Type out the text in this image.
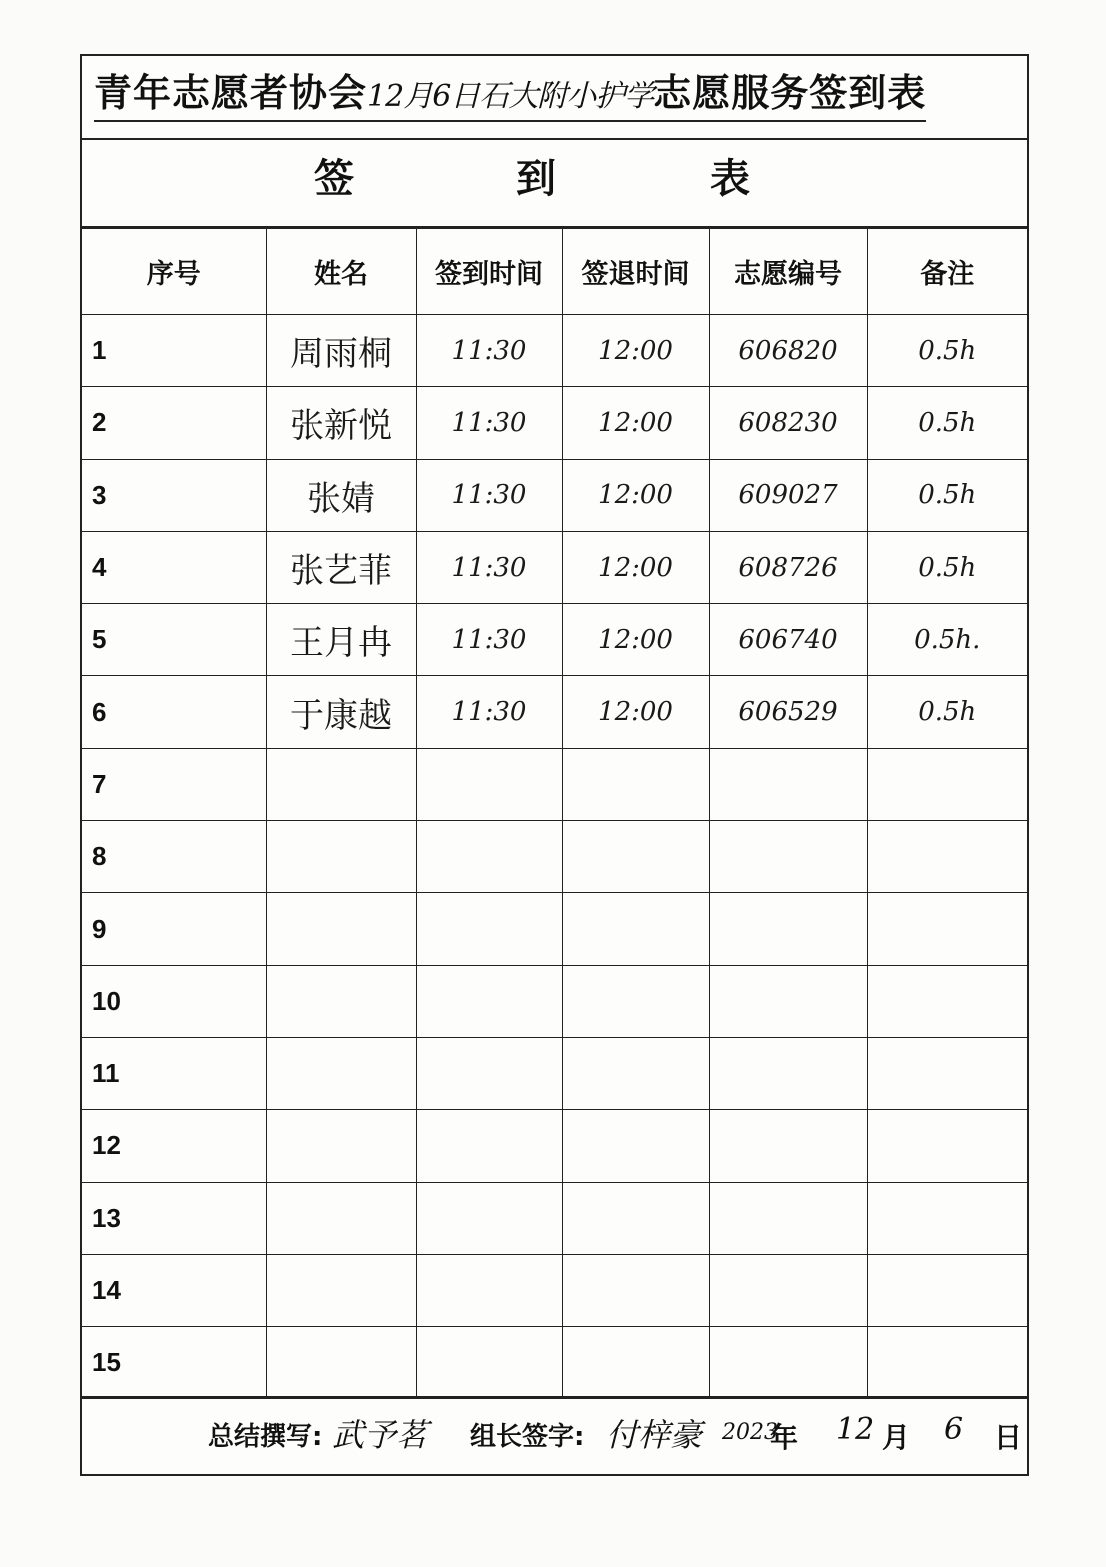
青年志愿者协会12月6日石大附小护学志愿服务签到表
签	到	表
序号	姓名	签到时间	签退时间	志愿编号	备注
1	周雨桐	11:30	12:00	606820	0.5h
2	张新悦	11:30	12:00	608230	0.5h
3	张婧	11:30	12:00	609027	0.5h
4	张艺菲	11:30	12:00	608726	0.5h
5	王月冉	11:30	12:00	606740	0.5h.
6	于康越	11:30	12:00	606529	0.5h
7					
8					
9					
10					
11					
12					
13					
14					
15					
总结撰写: 武予茗 组长签字: 付梓豪 2023
年 12 月 6 日
